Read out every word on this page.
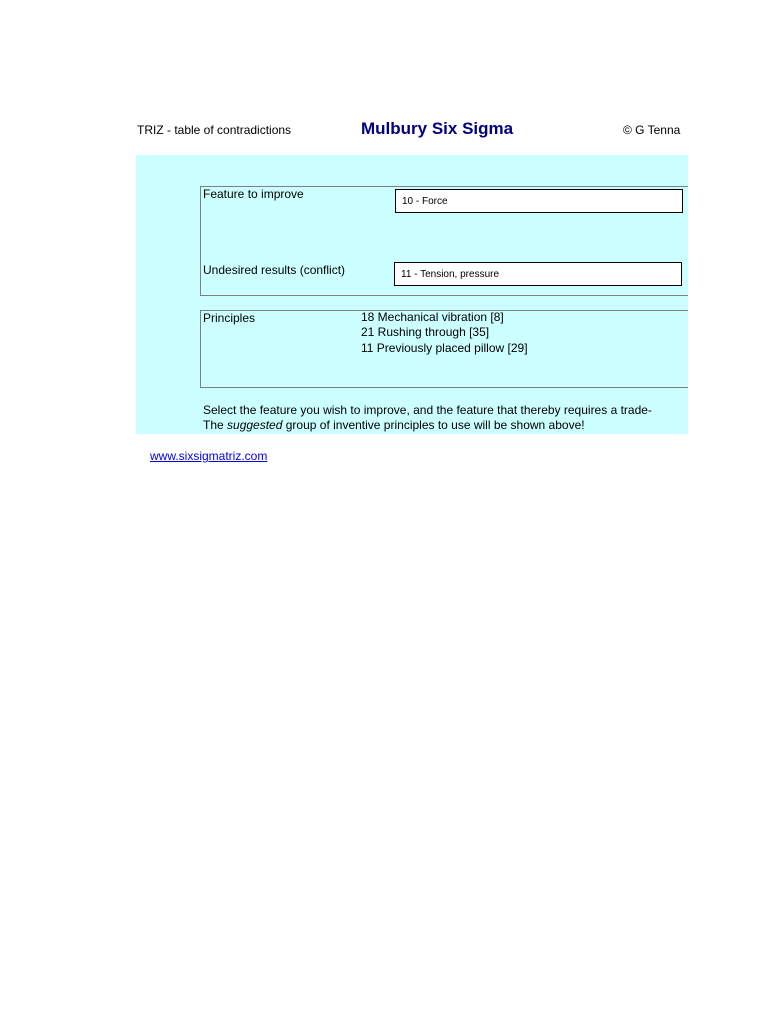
TRIZ - table of contradictions	Mulbury Six Sigma	© G Tenna
Feature to improve	10 - Force
Undesired results (conflict)	11 - Tension, pressure
Principles	18 Mechanical vibration [8]
21 Rushing through [35]
11 Previously placed pillow [29]
Select the feature you wish to improve, and the feature that thereby requires a trade-
The suggested group of inventive principles to use will be shown above!
www.sixsigmatriz.com
